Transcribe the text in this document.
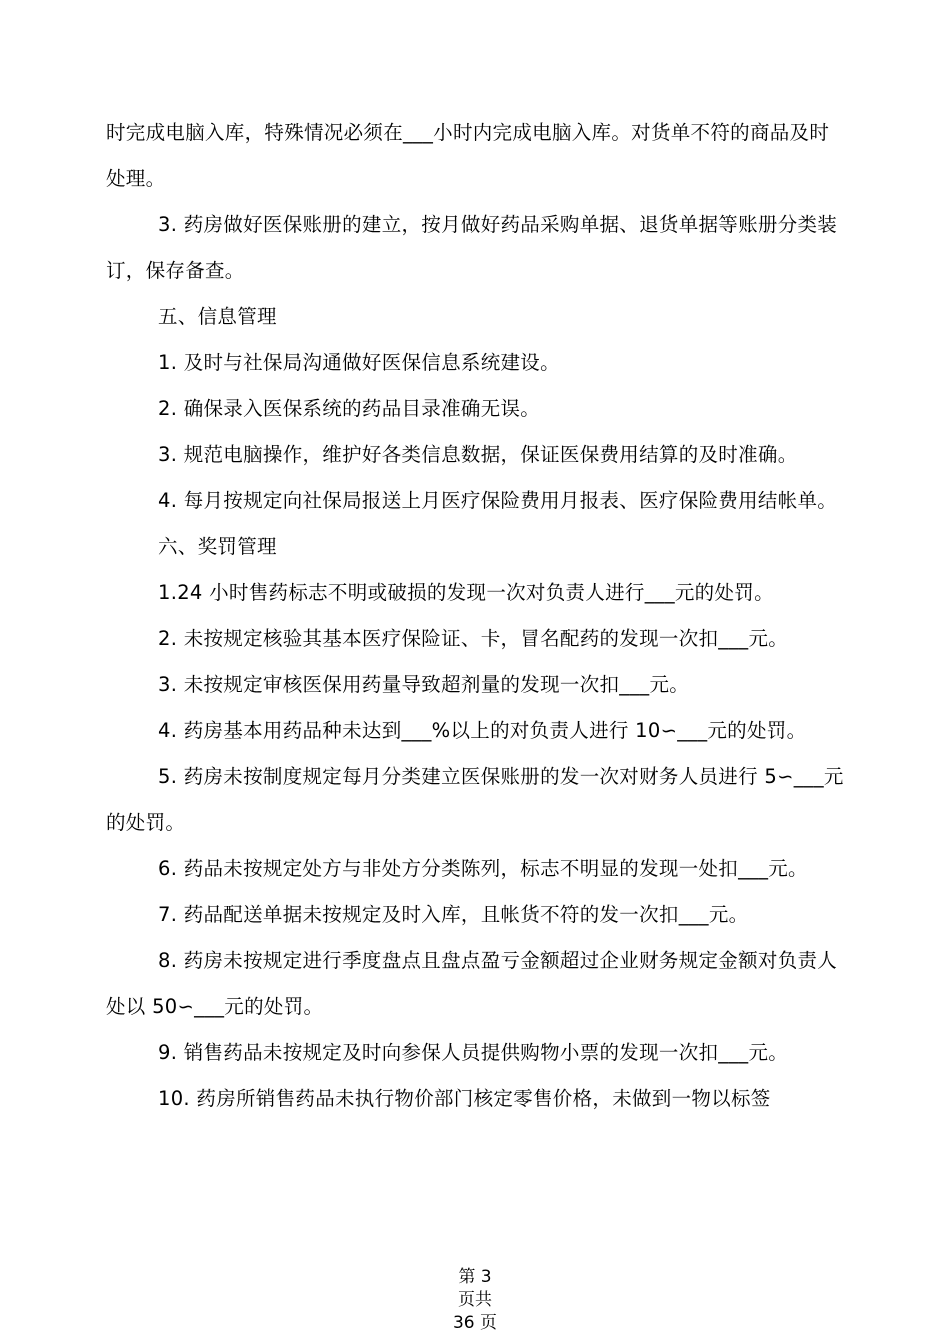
时完成电脑入库，特殊情况必须在___小时内完成电脑入库。对货单不符的商品及时处理。

3. 药房做好医保账册的建立，按月做好药品采购单据、退货单据等账册分类装订，保存备查。

五、信息管理

1. 及时与社保局沟通做好医保信息系统建设。

2. 确保录入医保系统的药品目录准确无误。

3. 规范电脑操作，维护好各类信息数据，保证医保费用结算的及时准确。

4. 每月按规定向社保局报送上月医疗保险费用月报表、医疗保险费用结帐单。

六、奖罚管理

1.24 小时售药标志不明或破损的发现一次对负责人进行___元的处罚。

2. 未按规定核验其基本医疗保险证、卡，冒名配药的发现一次扣___元。

3. 未按规定审核医保用药量导致超剂量的发现一次扣___元。

4. 药房基本用药品种未达到___%以上的对负责人进行 10∽___元的处罚。

5. 药房未按制度规定每月分类建立医保账册的发一次对财务人员进行 5∽___元的处罚。

6. 药品未按规定处方与非处方分类陈列，标志不明显的发现一处扣___元。

7. 药品配送单据未按规定及时入库，且帐货不符的发一次扣___元。

8. 药房未按规定进行季度盘点且盘点盈亏金额超过企业财务规定金额对负责人处以 50∽___元的处罚。

9. 销售药品未按规定及时向参保人员提供购物小票的发现一次扣___元。

10. 药房所销售药品未执行物价部门核定零售价格，未做到一物以标签

第 3
页共
36 页
